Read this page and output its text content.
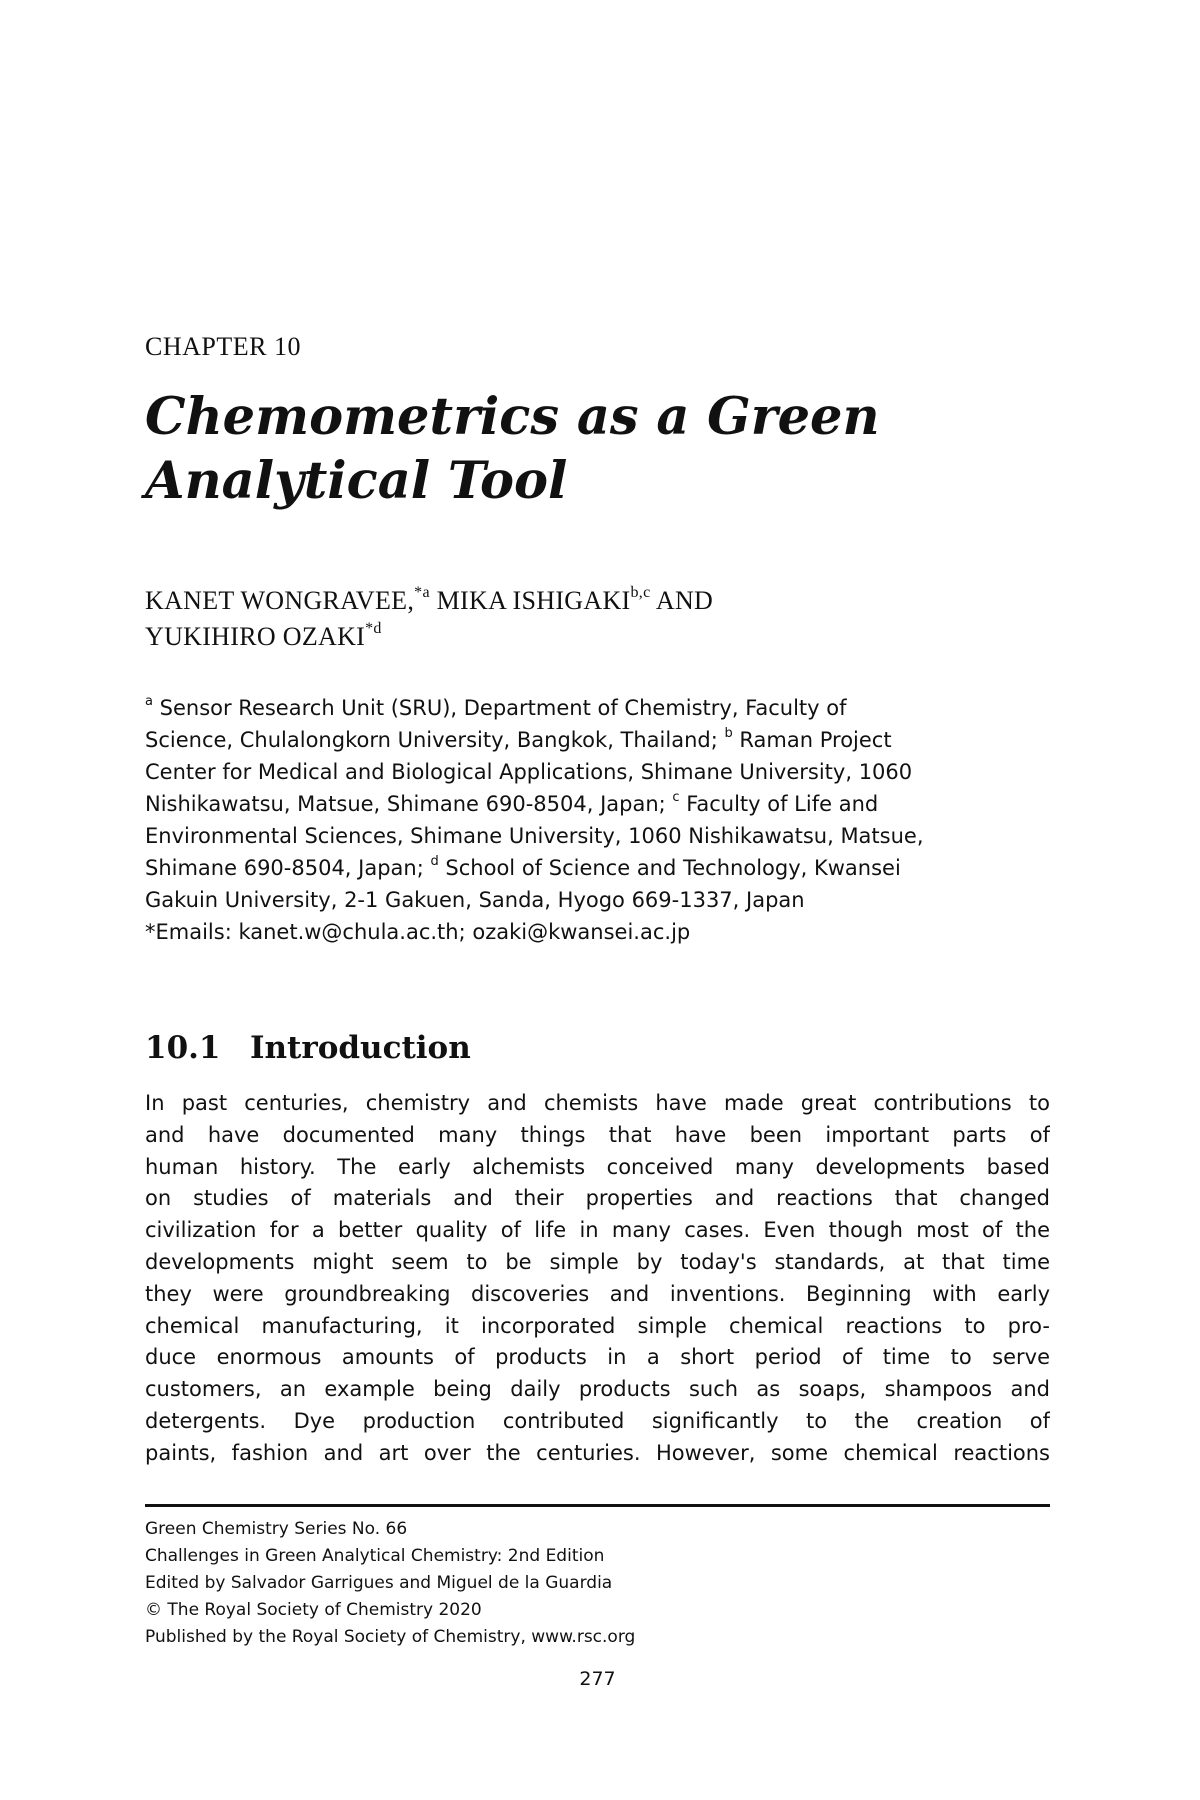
CHAPTER 10
Chemometrics as a Green
Analytical Tool
KANET WONGRAVEE,$^{*a}$ MIKA ISHIGAKI$^{b,c}$ AND
YUKIHIRO OZAKI$^{*d}$
$^a$ Sensor Research Unit (SRU), Department of Chemistry, Faculty of
Science, Chulalongkorn University, Bangkok, Thailand; $^b$ Raman Project
Center for Medical and Biological Applications, Shimane University, 1060
Nishikawatsu, Matsue, Shimane 690-8504, Japan; $^c$ Faculty of Life and
Environmental Sciences, Shimane University, 1060 Nishikawatsu, Matsue,
Shimane 690-8504, Japan; $^d$ School of Science and Technology, Kwansei
Gakuin University, 2-1 Gakuen, Sanda, Hyogo 669-1337, Japan
*Emails: kanet.w@chula.ac.th; ozaki@kwansei.ac.jp
10.1 Introduction
In past centuries, chemistry and chemists have made great contributions to
and have documented many things that have been important parts of
human history. The early alchemists conceived many developments based
on studies of materials and their properties and reactions that changed
civilization for a better quality of life in many cases. Even though most of the
developments might seem to be simple by today's standards, at that time
they were groundbreaking discoveries and inventions. Beginning with early
chemical manufacturing, it incorporated simple chemical reactions to pro-
duce enormous amounts of products in a short period of time to serve
customers, an example being daily products such as soaps, shampoos and
detergents. Dye production contributed significantly to the creation of
paints, fashion and art over the centuries. However, some chemical reactions
Green Chemistry Series No. 66
Challenges in Green Analytical Chemistry: 2nd Edition
Edited by Salvador Garrigues and Miguel de la Guardia
© The Royal Society of Chemistry 2020
Published by the Royal Society of Chemistry, www.rsc.org
277
